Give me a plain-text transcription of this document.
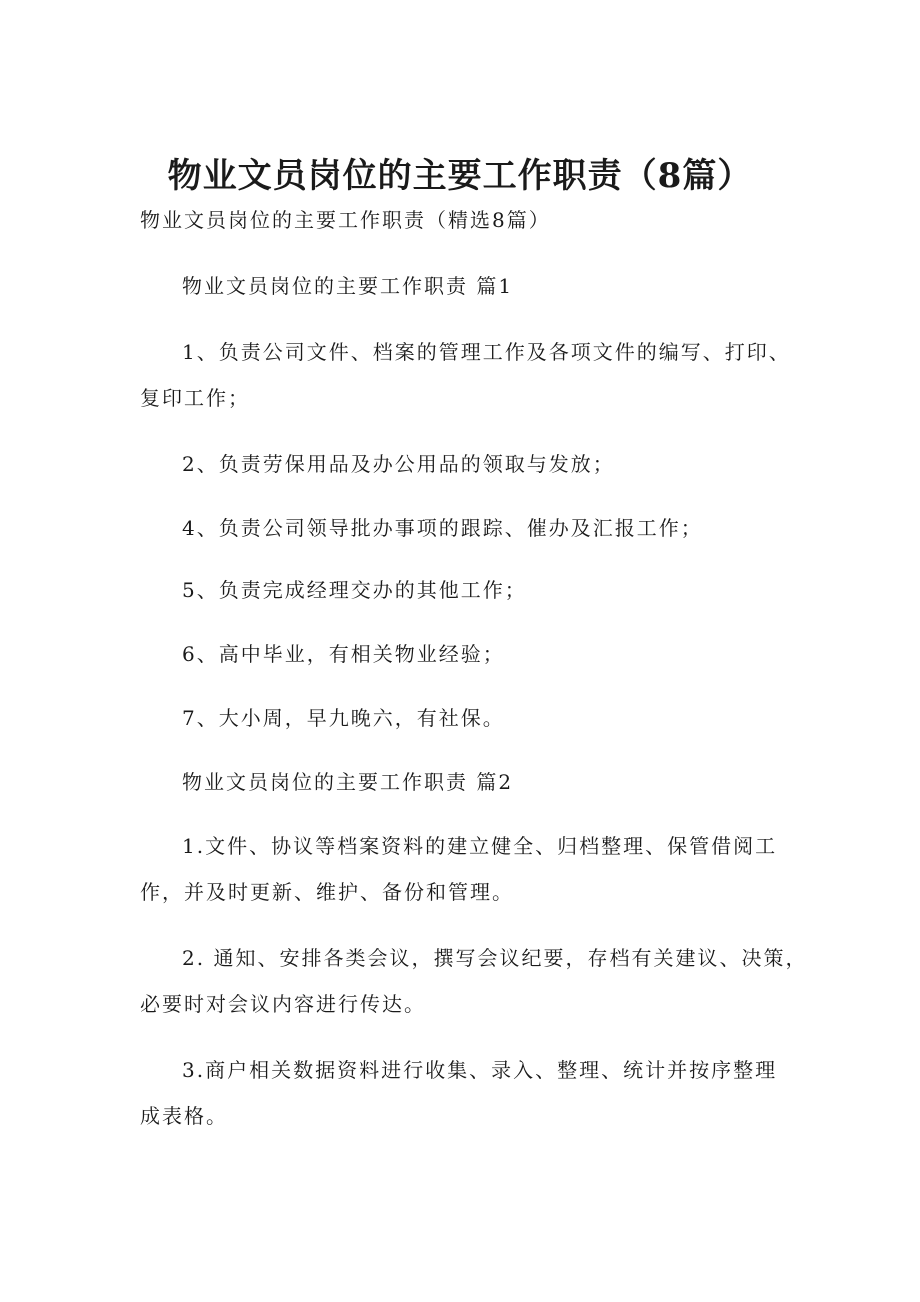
物业文员岗位的主要工作职责（8篇）
物业文员岗位的主要工作职责（精选8篇）
物业文员岗位的主要工作职责 篇1
1、负责公司文件、档案的管理工作及各项文件的编写、打印、
复印工作；
2、负责劳保用品及办公用品的领取与发放；
4、负责公司领导批办事项的跟踪、催办及汇报工作；
5、负责完成经理交办的其他工作；
6、高中毕业，有相关物业经验；
7、大小周，早九晚六，有社保。
物业文员岗位的主要工作职责 篇2
1.文件、协议等档案资料的建立健全、归档整理、保管借阅工
作，并及时更新、维护、备份和管理。
2. 通知、安排各类会议，撰写会议纪要，存档有关建议、决策，
必要时对会议内容进行传达。
3.商户相关数据资料进行收集、录入、整理、统计并按序整理
成表格。
